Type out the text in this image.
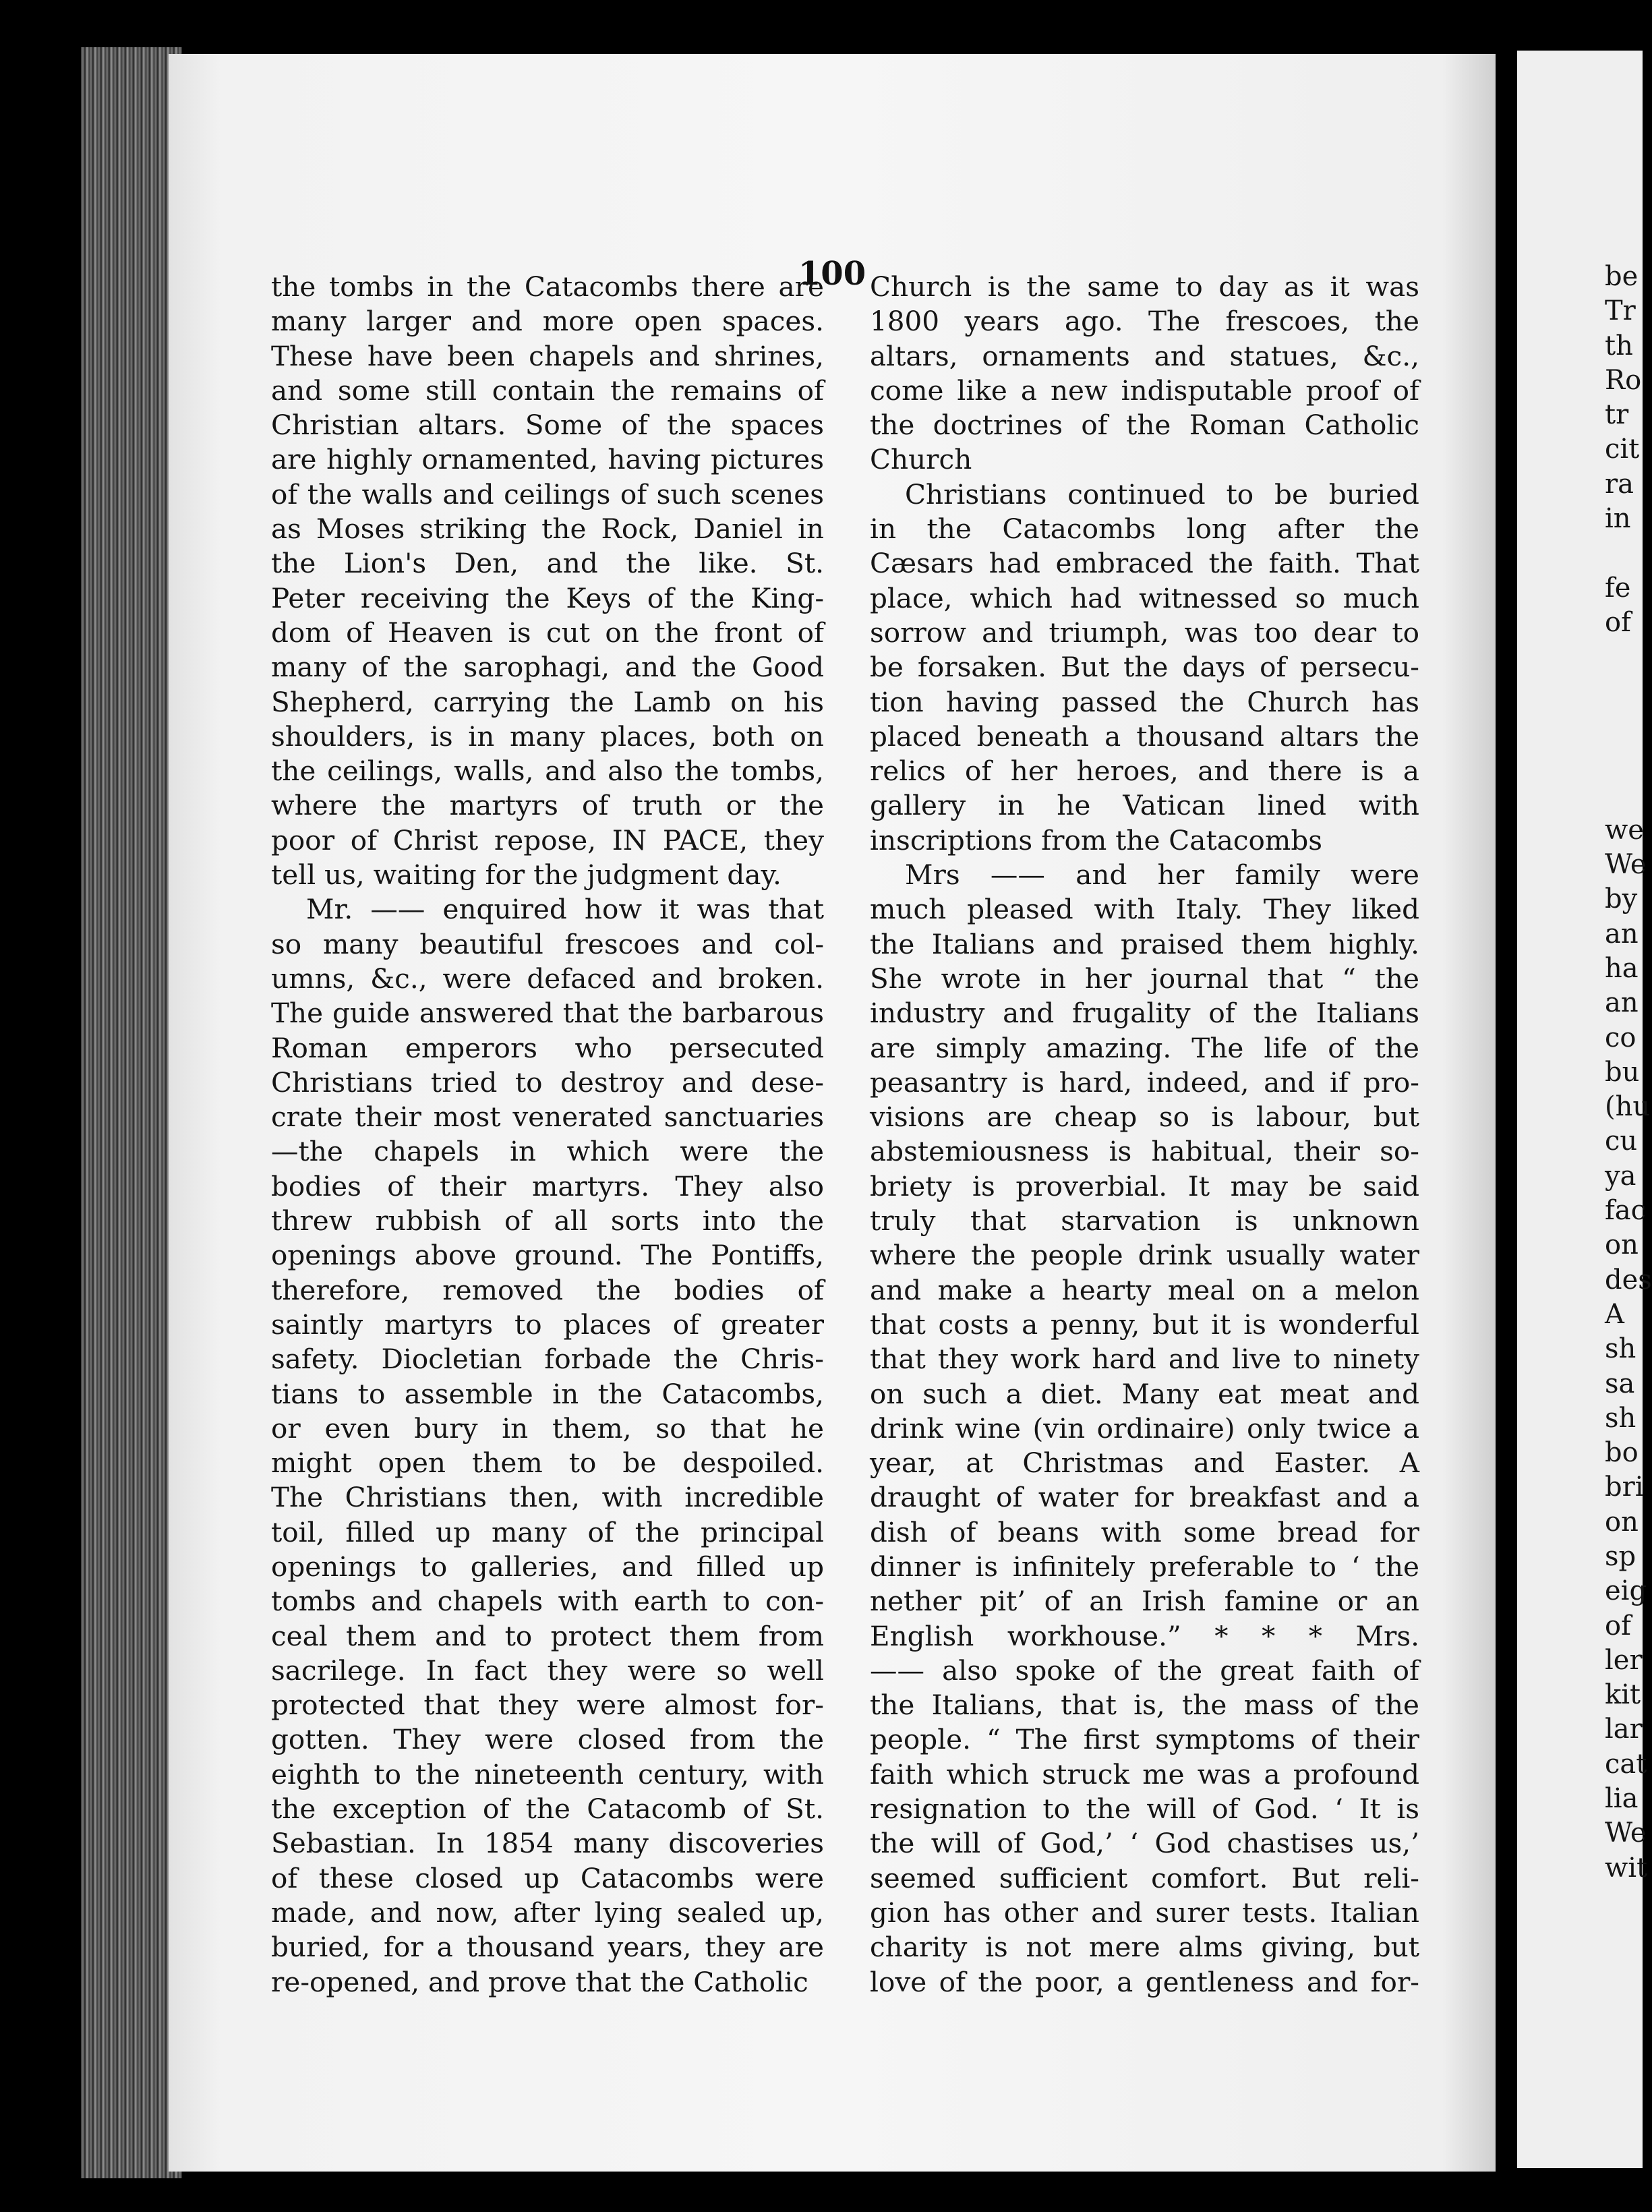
100
the tombs in the Catacombs there are
many larger and more open spaces.
These have been chapels and shrines,
and some still contain the remains of
Christian altars. Some of the spaces
are highly ornamented, having pictures
of the walls and ceilings of such scenes
as Moses striking the Rock, Daniel in
the Lion's Den, and the like. St.
Peter receiving the Keys of the King-
dom of Heaven is cut on the front of
many of the sarophagi, and the Good
Shepherd, carrying the Lamb on his
shoulders, is in many places, both on
the ceilings, walls, and also the tombs,
where the martyrs of truth or the
poor of Christ repose, IN PACE, they
tell us, waiting for the judgment day.
Mr. —— enquired how it was that
so many beautiful frescoes and col-
umns, &c., were defaced and broken.
The guide answered that the barbarous
Roman emperors who persecuted
Christians tried to destroy and dese-
crate their most venerated sanctuaries
—the chapels in which were the
bodies of their martyrs. They also
threw rubbish of all sorts into the
openings above ground. The Pontiffs,
therefore, removed the bodies of
saintly martyrs to places of greater
safety. Diocletian forbade the Chris-
tians to assemble in the Catacombs,
or even bury in them, so that he
might open them to be despoiled.
The Christians then, with incredible
toil, filled up many of the principal
openings to galleries, and filled up
tombs and chapels with earth to con-
ceal them and to protect them from
sacrilege. In fact they were so well
protected that they were almost for-
gotten. They were closed from the
eighth to the nineteenth century, with
the exception of the Catacomb of St.
Sebastian. In 1854 many discoveries
of these closed up Catacombs were
made, and now, after lying sealed up,
buried, for a thousand years, they are
re-opened, and prove that the Catholic
Church is the same to day as it was
1800 years ago. The frescoes, the
altars, ornaments and statues, &c.,
come like a new indisputable proof of
the doctrines of the Roman Catholic
Church
Christians continued to be buried
in the Catacombs long after the
Cæsars had embraced the faith. That
place, which had witnessed so much
sorrow and triumph, was too dear to
be forsaken. But the days of persecu-
tion having passed the Church has
placed beneath a thousand altars the
relics of her heroes, and there is a
gallery in he Vatican lined with
inscriptions from the Catacombs
Mrs —— and her family were
much pleased with Italy. They liked
the Italians and praised them highly.
She wrote in her journal that “ the
industry and frugality of the Italians
are simply amazing. The life of the
peasantry is hard, indeed, and if pro-
visions are cheap so is labour, but
abstemiousness is habitual, their so-
briety is proverbial. It may be said
truly that starvation is unknown
where the people drink usually water
and make a hearty meal on a melon
that costs a penny, but it is wonderful
that they work hard and live to ninety
on such a diet. Many eat meat and
drink wine (vin ordinaire) only twice a
year, at Christmas and Easter. A
draught of water for breakfast and a
dish of beans with some bread for
dinner is infinitely preferable to ‘ the
nether pit’ of an Irish famine or an
English workhouse.” * * * Mrs.
—— also spoke of the great faith of
the Italians, that is, the mass of the
people. “ The first symptoms of their
faith which struck me was a profound
resignation to the will of God. ‘ It is
the will of God,’ ‘ God chastises us,’
seemed sufficient comfort. But reli-
gion has other and surer tests. Italian
charity is not mere alms giving, but
love of the poor, a gentleness and for-
be
Tr
th
Ro
tr
cit
ra
in
fe
of
we
We
by
an
ha
an
co
bu
(hu
cu
ya
fac
on
des
A
sh
sa
sh
bo
bri
on
sp
eig
of
ler
kit
lar
cat
lia
We
wit
